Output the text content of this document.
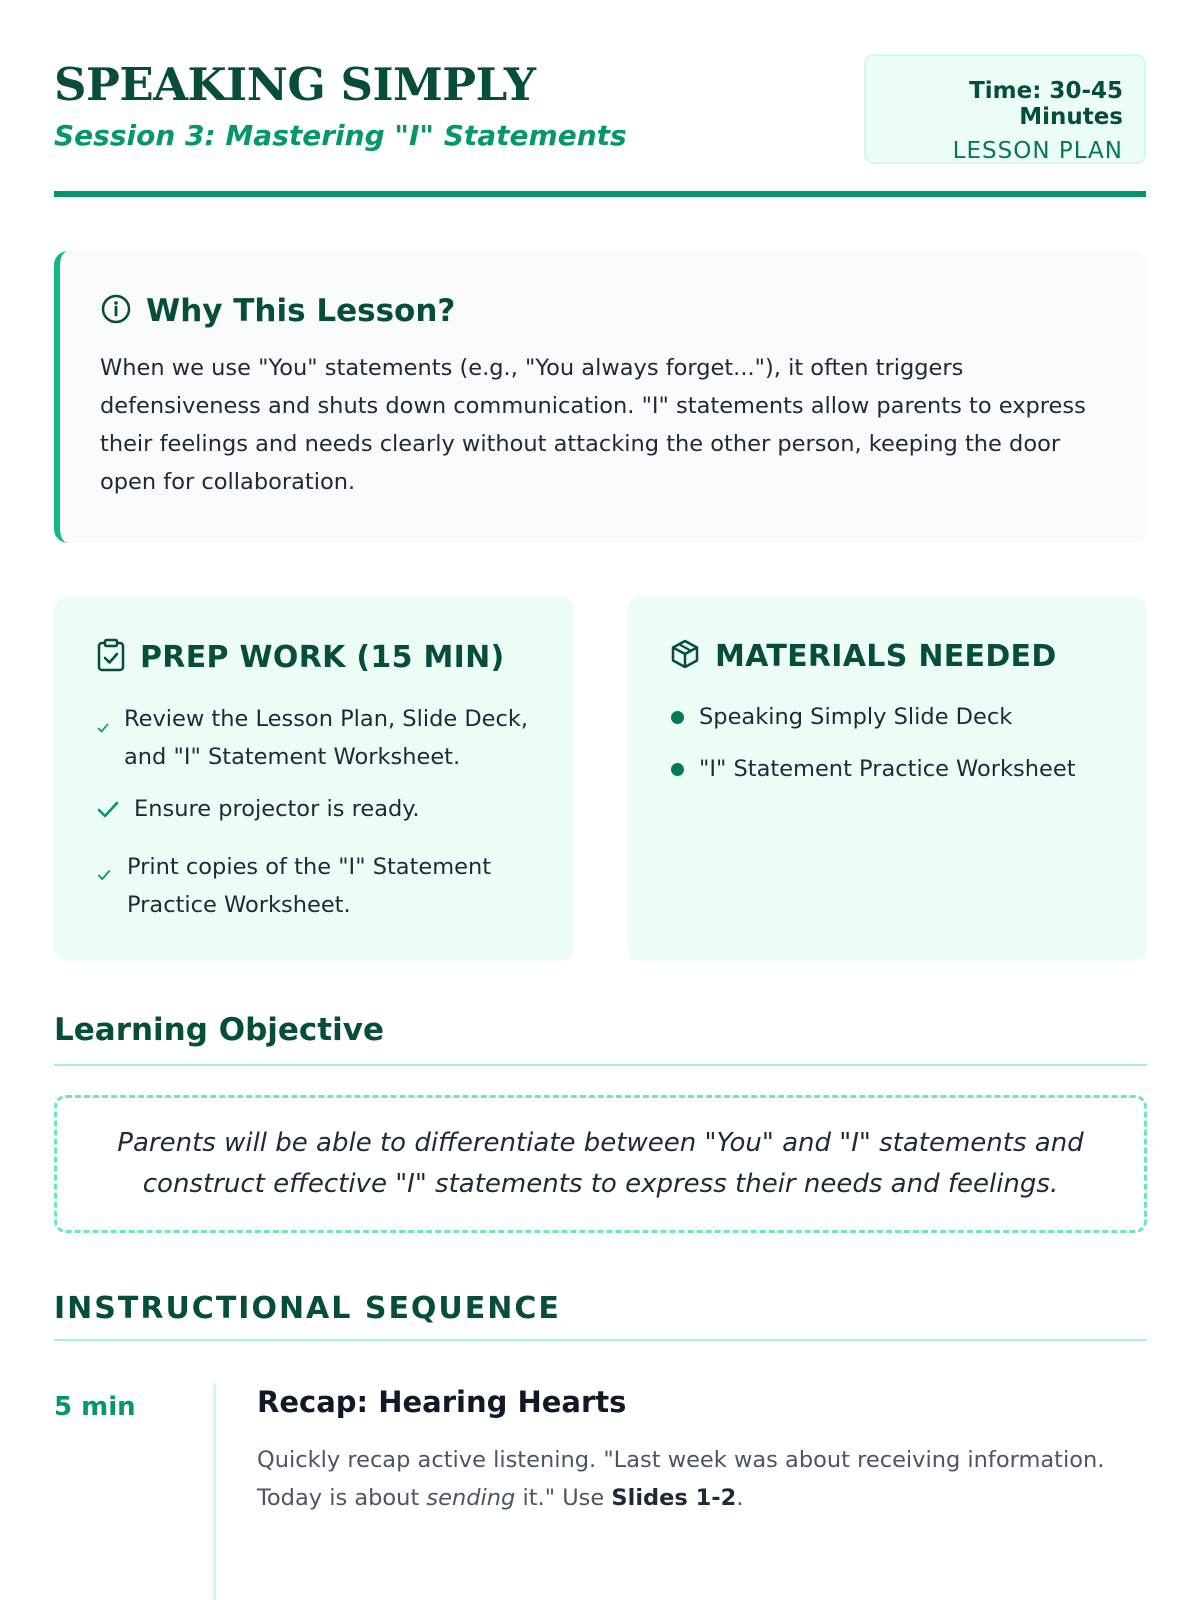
SPEAKING SIMPLY
Session 3: Mastering "I" Statements
Time: 30-45 Minutes
LESSON PLAN
Why This Lesson?

When we use "You" statements (e.g., "You always forget..."), it often triggers defensiveness and shuts down communication. "I" statements allow parents to express their feelings and needs clearly without attacking the other person, keeping the door open for collaboration.

PREP WORK (15 MIN)
Review the Lesson Plan, Slide Deck, and "I" Statement Worksheet.
Ensure projector is ready.
Print copies of the "I" Statement Practice Worksheet.
MATERIALS NEEDED
Speaking Simply Slide Deck
"I" Statement Practice Worksheet
Learning Objective

Parents will be able to differentiate between "You" and "I" statements and construct effective "I" statements to express their needs and feelings.

INSTRUCTIONAL SEQUENCE
5 min	Recap: Hearing Hearts

Quickly recap active listening. "Last week was about receiving information. Today is about sending it." Use Slides 1-2.
